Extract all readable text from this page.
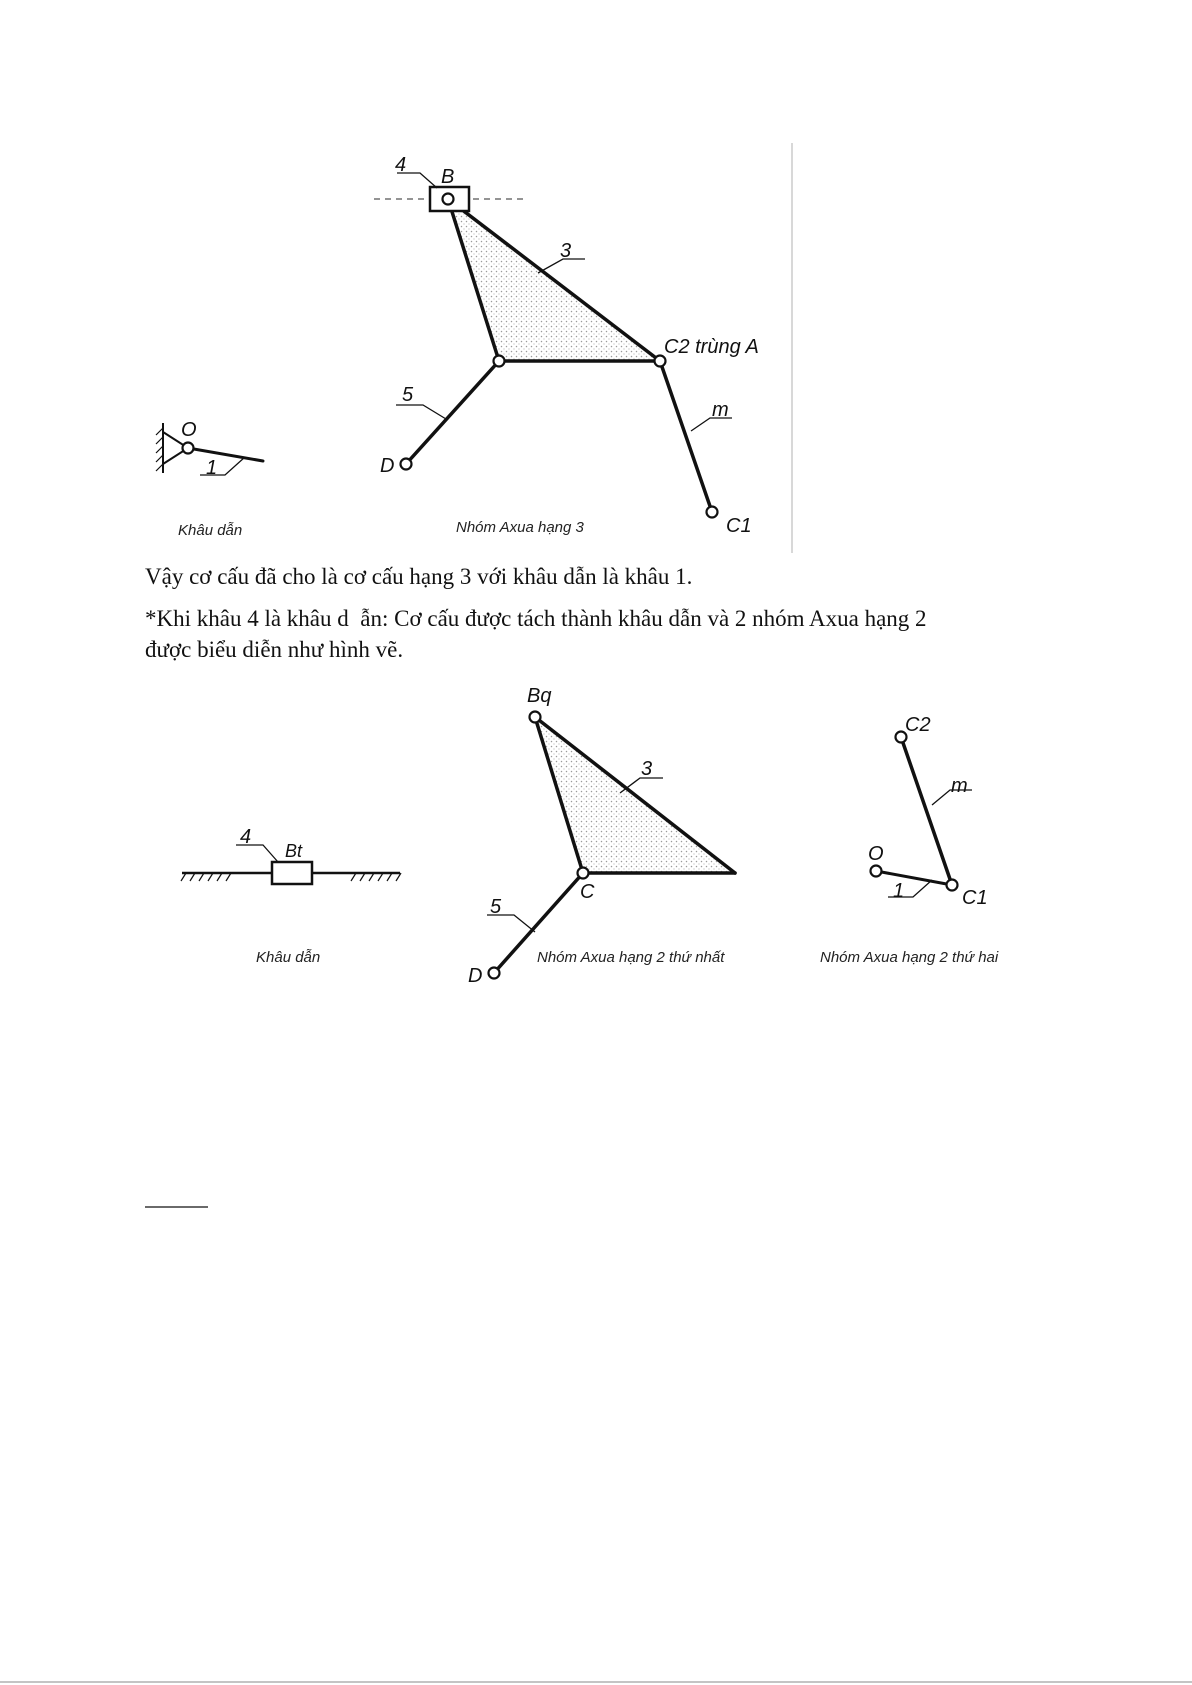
4
B
3
C2 trùng A
5
D
m
C1
O
1
Khâu dẫn	Nhóm Axua hạng 3
4
Bt
Khâu dẫn
Bq
3
C
5
D
Nhóm Axua hạng 2 thứ nhất
C2
m
O
1	C1
Nhóm Axua hạng 2 thứ hai

Vậy cơ cấu đã cho là cơ cấu hạng 3 với khâu dẫn là khâu 1.

*Khi khâu 4 là khâu d  ẫn: Cơ cấu được tách thành khâu dẫn và 2 nhóm Axua hạng 2

được biểu diễn như hình vẽ.
